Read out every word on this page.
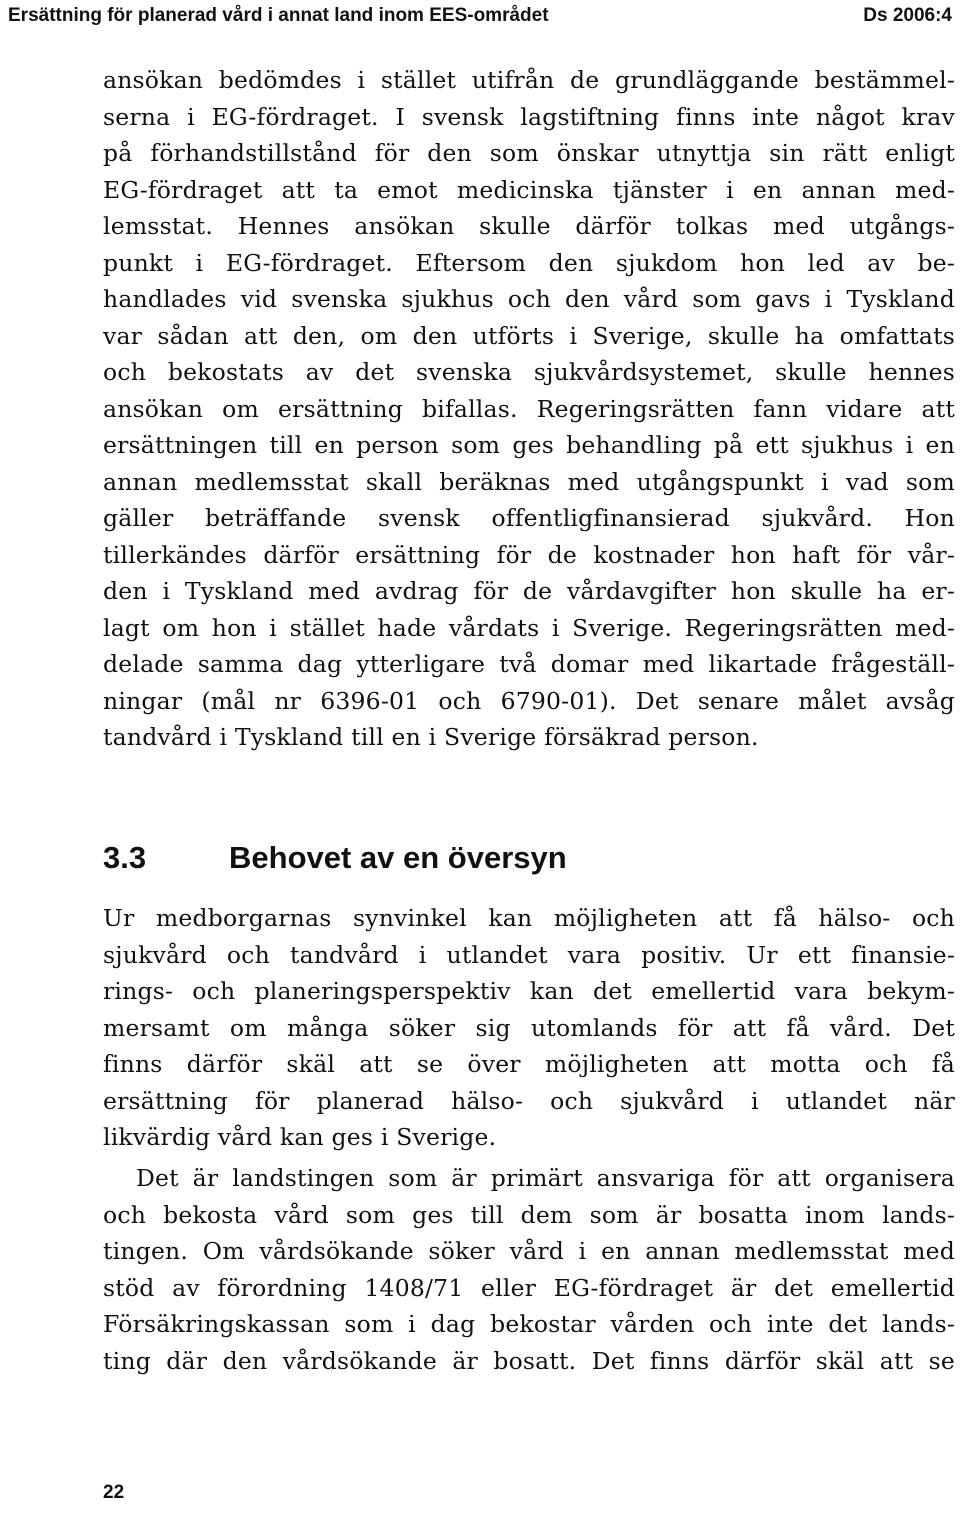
Ersättning för planerad vård i annat land inom EES-området	Ds 2006:4
ansökan bedömdes i stället utifrån de grundläggande bestämmel-
serna i EG-fördraget. I svensk lagstiftning finns inte något krav
på förhandstillstånd för den som önskar utnyttja sin rätt enligt
EG-fördraget att ta emot medicinska tjänster i en annan med-
lemsstat. Hennes ansökan skulle därför tolkas med utgångs-
punkt i EG-fördraget. Eftersom den sjukdom hon led av be-
handlades vid svenska sjukhus och den vård som gavs i Tyskland
var sådan att den, om den utförts i Sverige, skulle ha omfattats
och bekostats av det svenska sjukvårdsystemet, skulle hennes
ansökan om ersättning bifallas. Regeringsrätten fann vidare att
ersättningen till en person som ges behandling på ett sjukhus i en
annan medlemsstat skall beräknas med utgångspunkt i vad som
gäller beträffande svensk offentligfinansierad sjukvård. Hon
tillerkändes därför ersättning för de kostnader hon haft för vår-
den i Tyskland med avdrag för de vårdavgifter hon skulle ha er-
lagt om hon i stället hade vårdats i Sverige. Regeringsrätten med-
delade samma dag ytterligare två domar med likartade frågeställ-
ningar (mål nr 6396-01 och 6790-01). Det senare målet avsåg
tandvård i Tyskland till en i Sverige försäkrad person.
3.3	Behovet av en översyn
Ur medborgarnas synvinkel kan möjligheten att få hälso- och
sjukvård och tandvård i utlandet vara positiv. Ur ett finansie-
rings- och planeringsperspektiv kan det emellertid vara bekym-
mersamt om många söker sig utomlands för att få vård. Det
finns därför skäl att se över möjligheten att motta och få
ersättning för planerad hälso- och sjukvård i utlandet när
likvärdig vård kan ges i Sverige.
Det är landstingen som är primärt ansvariga för att organisera
och bekosta vård som ges till dem som är bosatta inom lands-
tingen. Om vårdsökande söker vård i en annan medlemsstat med
stöd av förordning 1408/71 eller EG-fördraget är det emellertid
Försäkringskassan som i dag bekostar vården och inte det lands-
ting där den vårdsökande är bosatt. Det finns därför skäl att se
22
